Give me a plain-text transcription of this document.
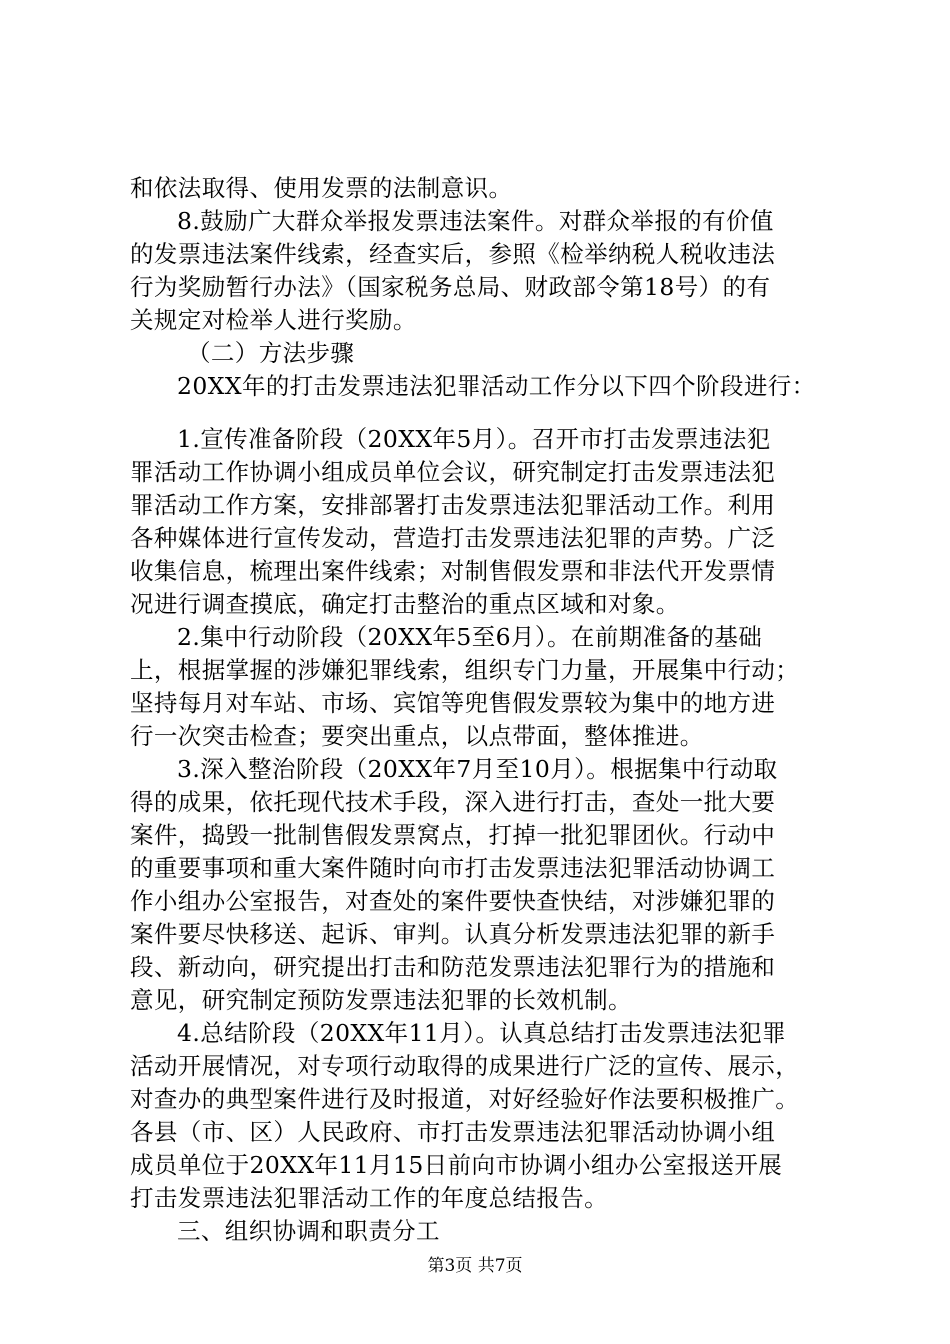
和依法取得、使用发票的法制意识。
8.鼓励广大群众举报发票违法案件。对群众举报的有价值
的发票违法案件线索，经查实后，参照《检举纳税人税收违法
行为奖励暂行办法》（国家税务总局、财政部令第18号）的有
关规定对检举人进行奖励。
（二）方法步骤
20XX年的打击发票违法犯罪活动工作分以下四个阶段进行：
1.宣传准备阶段（20XX年5月）。召开市打击发票违法犯
罪活动工作协调小组成员单位会议，研究制定打击发票违法犯
罪活动工作方案，安排部署打击发票违法犯罪活动工作。利用
各种媒体进行宣传发动，营造打击发票违法犯罪的声势。广泛
收集信息，梳理出案件线索；对制售假发票和非法代开发票情
况进行调查摸底，确定打击整治的重点区域和对象。
2.集中行动阶段（20XX年5至6月）。在前期准备的基础
上，根据掌握的涉嫌犯罪线索，组织专门力量，开展集中行动；
坚持每月对车站、市场、宾馆等兜售假发票较为集中的地方进
行一次突击检查；要突出重点，以点带面，整体推进。
3.深入整治阶段（20XX年7月至10月）。根据集中行动取
得的成果，依托现代技术手段，深入进行打击，查处一批大要
案件，捣毁一批制售假发票窝点，打掉一批犯罪团伙。行动中
的重要事项和重大案件随时向市打击发票违法犯罪活动协调工
作小组办公室报告，对查处的案件要快查快结，对涉嫌犯罪的
案件要尽快移送、起诉、审判。认真分析发票违法犯罪的新手
段、新动向，研究提出打击和防范发票违法犯罪行为的措施和
意见，研究制定预防发票违法犯罪的长效机制。
4.总结阶段（20XX年11月）。认真总结打击发票违法犯罪
活动开展情况，对专项行动取得的成果进行广泛的宣传、展示，
对查办的典型案件进行及时报道，对好经验好作法要积极推广。
各县（市、区）人民政府、市打击发票违法犯罪活动协调小组
成员单位于20XX年11月15日前向市协调小组办公室报送开展
打击发票违法犯罪活动工作的年度总结报告。
三、组织协调和职责分工
第3页 共7页
